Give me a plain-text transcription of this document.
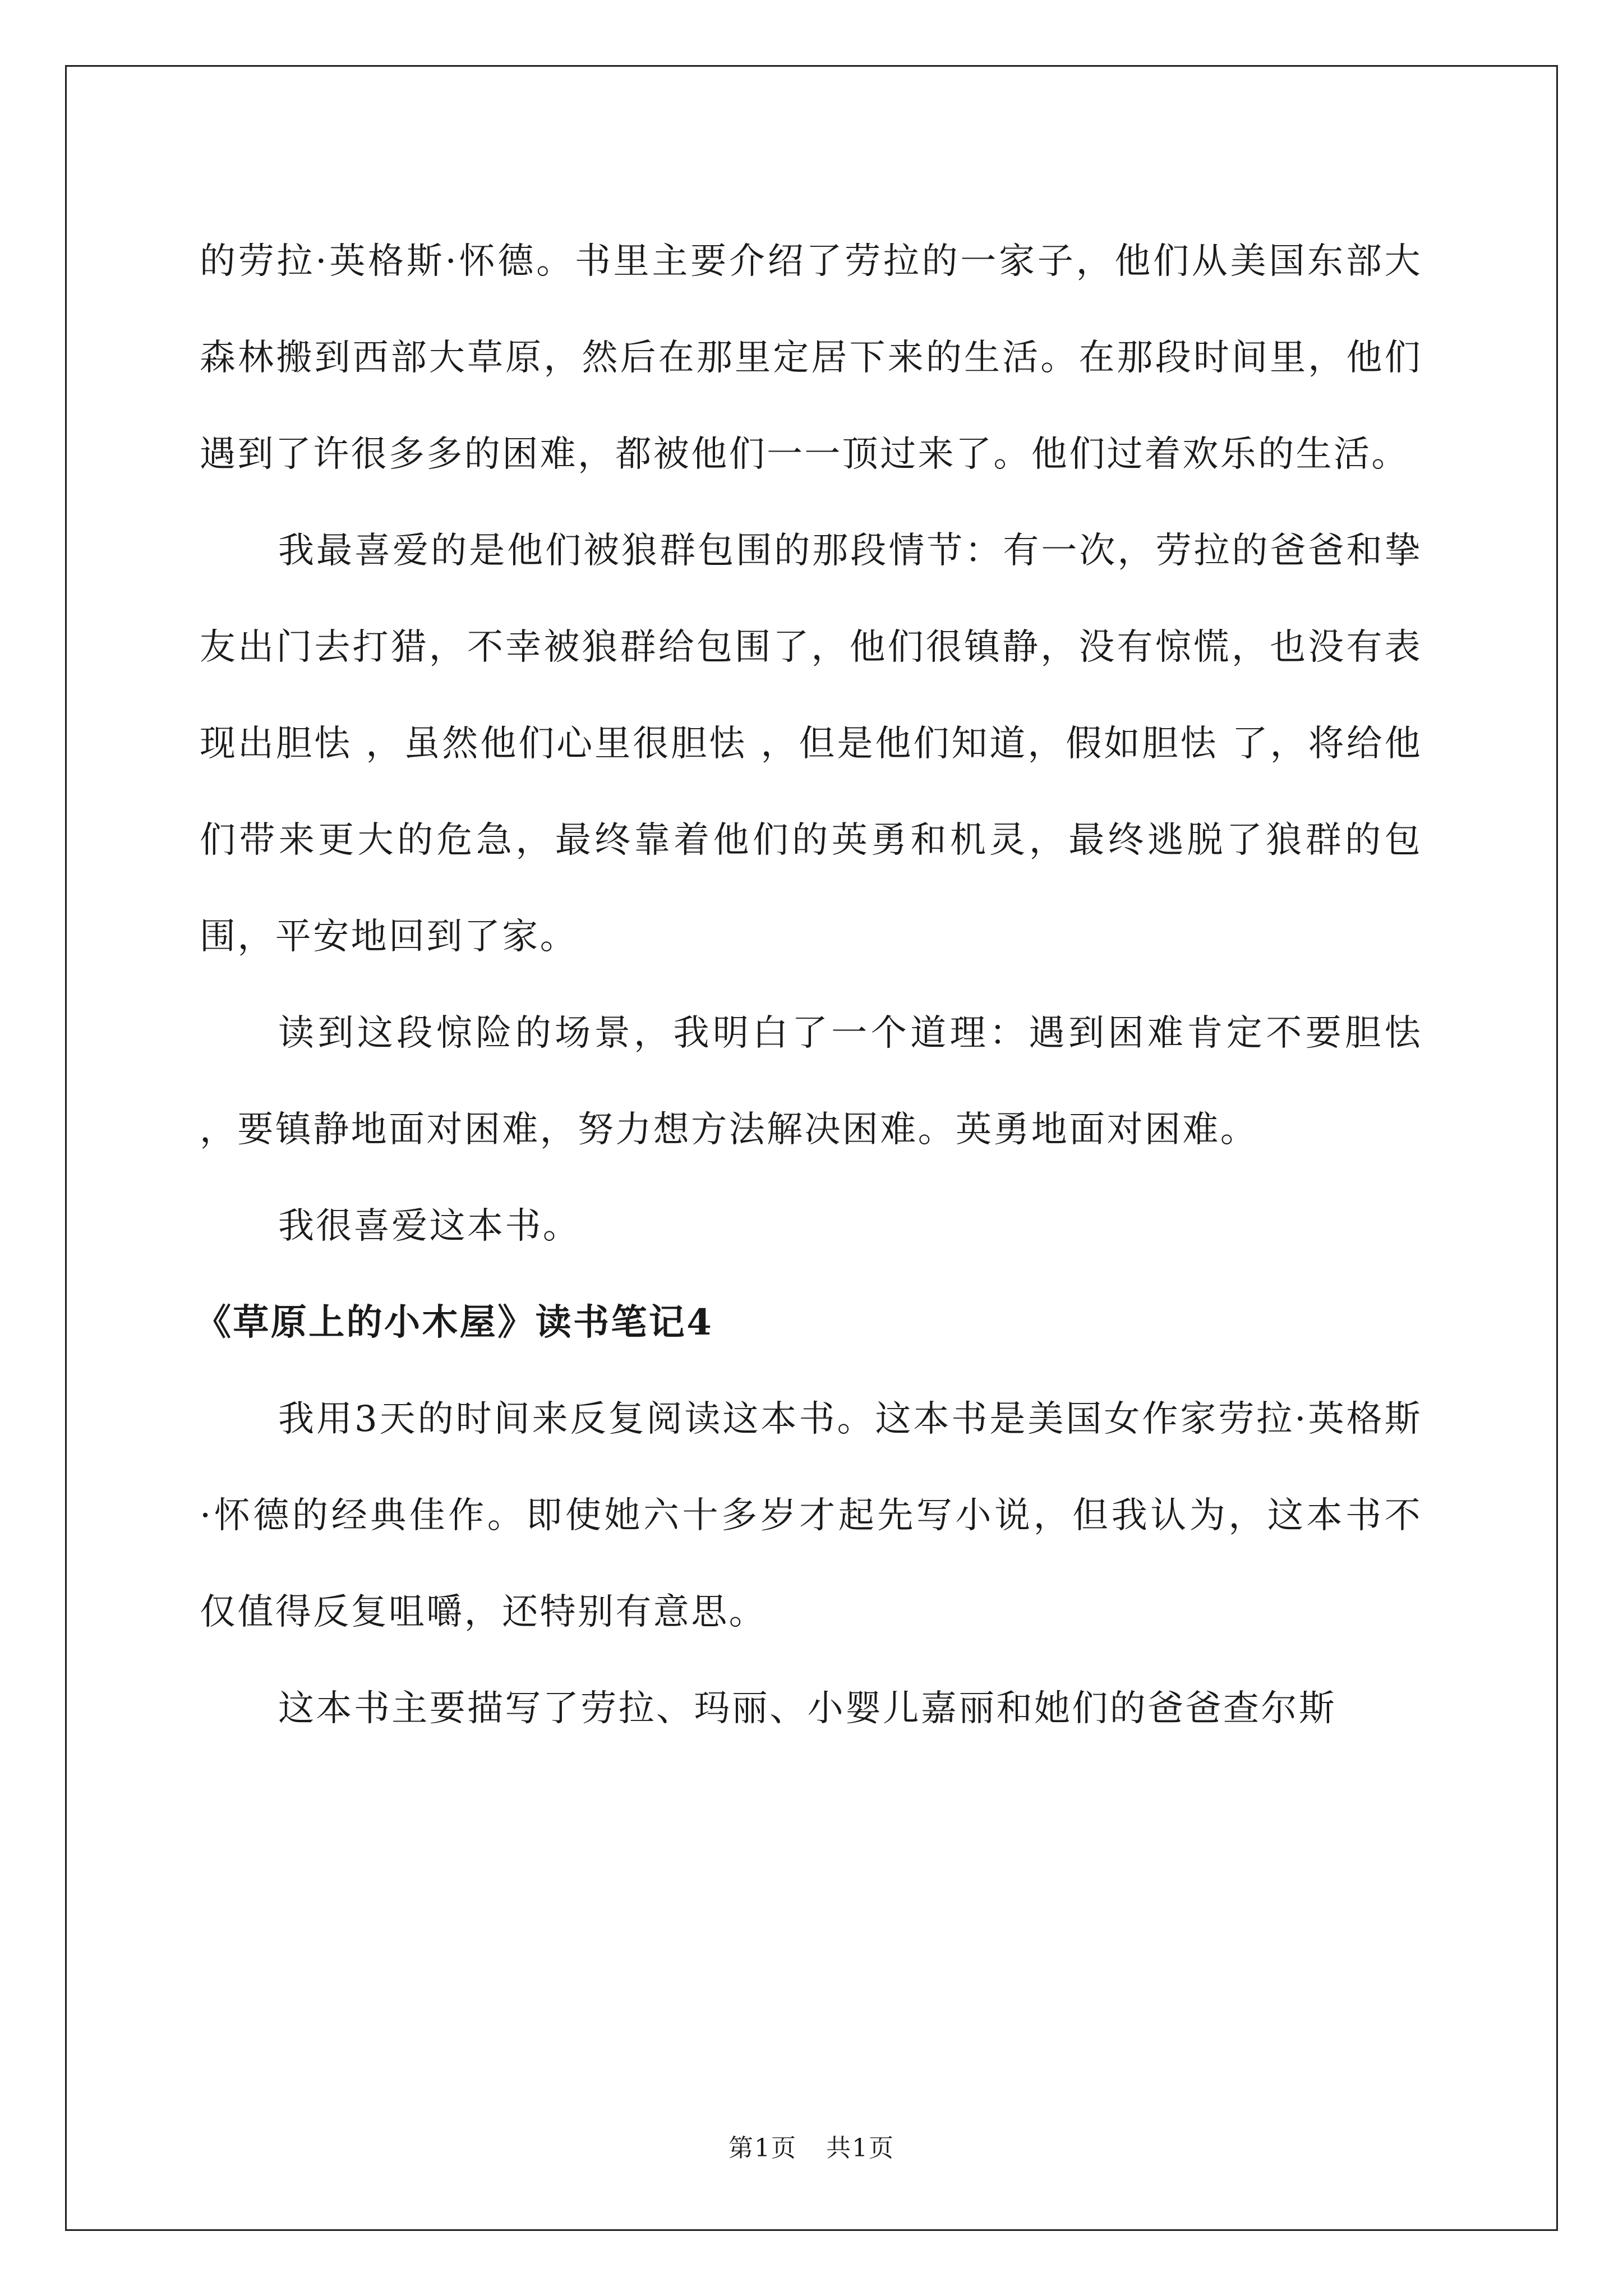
的劳拉·英格斯·怀德。书里主要介绍了劳拉的一家子，他们从美国东部大森林搬到西部大草原，然后在那里定居下来的生活。在那段时间里，他们遇到了许很多多的困难，都被他们一一顶过来了。他们过着欢乐的生活。

我最喜爱的是他们被狼群包围的那段情节：有一次，劳拉的爸爸和挚友出门去打猎，不幸被狼群给包围了，他们很镇静，没有惊慌，也没有表现出胆怯 ，虽然他们心里很胆怯 ，但是他们知道，假如胆怯 了，将给他们带来更大的危急，最终靠着他们的英勇和机灵，最终逃脱了狼群的包围，平安地回到了家。

读到这段惊险的场景，我明白了一个道理：遇到困难肯定不要胆怯 ，要镇静地面对困难，努力想方法解决困难。英勇地面对困难。

我很喜爱这本书。

《草原上的小木屋》读书笔记4

我用3天的时间来反复阅读这本书。这本书是美国女作家劳拉·英格斯·怀德的经典佳作。即使她六十多岁才起先写小说，但我认为，这本书不仅值得反复咀嚼，还特别有意思。

这本书主要描写了劳拉、玛丽、小婴儿嘉丽和她们的爸爸查尔斯

第1页 共1页
